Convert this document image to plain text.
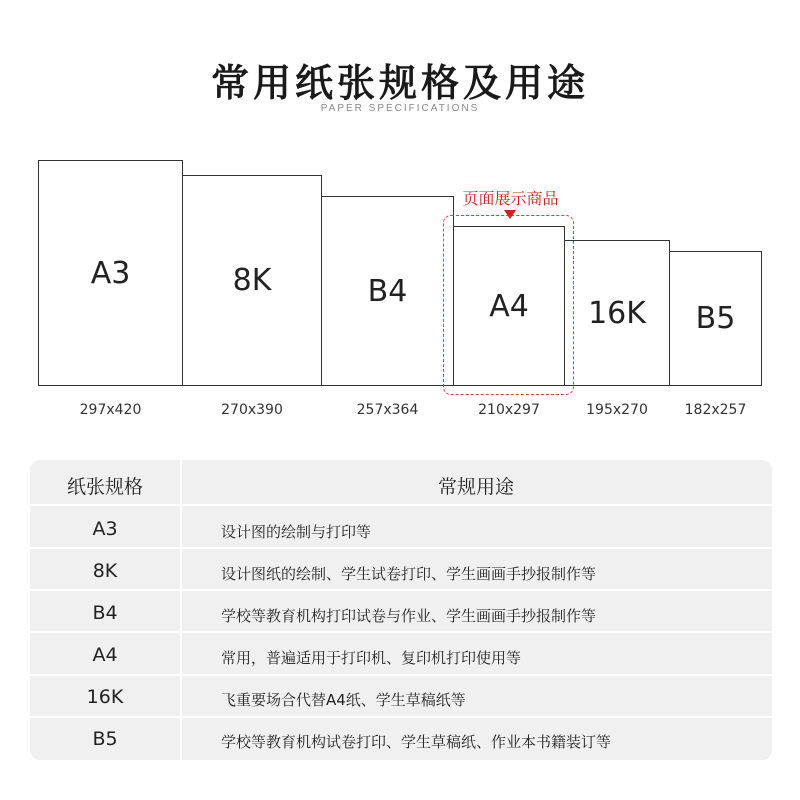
常用纸张规格及用途
PAPER SPECIFICATIONS
A3	8K	B4	A4 16K B5
页面展示商品
297x420	270x390	257x364	210x297	195x270	182x257
纸张规格	常规用途
A3	设计图的绘制与打印等
8K	设计图纸的绘制、学生试卷打印、学生画画手抄报制作等
B4	学校等教育机构打印试卷与作业、学生画画手抄报制作等
A4	常用，普遍适用于打印机、复印机打印使用等
16K	飞重要场合代替A4纸、学生草稿纸等
B5	学校等教育机构试卷打印、学生草稿纸、作业本书籍装订等
